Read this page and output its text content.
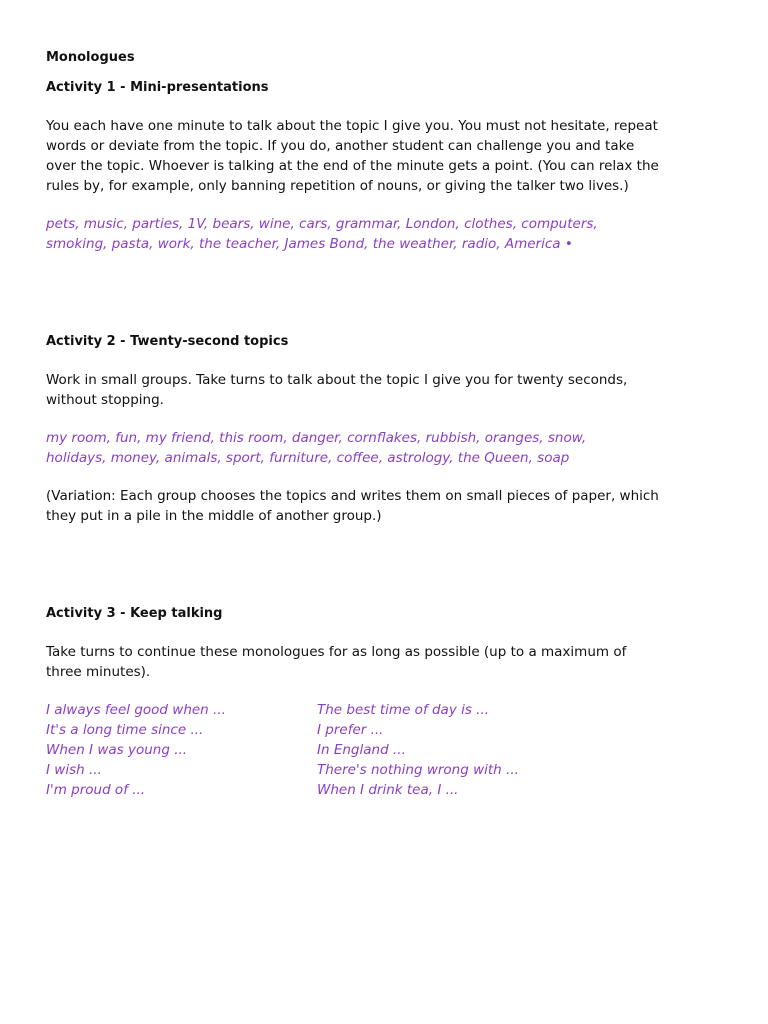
Monologues
Activity 1 - Mini-presentations
You each have one minute to talk about the topic I give you. You must not hesitate, repeat
words or deviate from the topic. If you do, another student can challenge you and take
over the topic. Whoever is talking at the end of the minute gets a point. (You can relax the
rules by, for example, only banning repetition of nouns, or giving the talker two lives.)
pets, music, parties, 1V, bears, wine, cars, grammar, London, clothes, computers,
smoking, pasta, work, the teacher, James Bond, the weather, radio, America •
Activity 2 - Twenty-second topics
Work in small groups. Take turns to talk about the topic I give you for twenty seconds,
without stopping.
my room, fun, my friend, this room, danger, cornflakes, rubbish, oranges, snow,
holidays, money, animals, sport, furniture, coffee, astrology, the Queen, soap
(Variation: Each group chooses the topics and writes them on small pieces of paper, which
they put in a pile in the middle of another group.)
Activity 3 - Keep talking
Take turns to continue these monologues for as long as possible (up to a maximum of
three minutes).
I always feel good when ...
It's a long time since ...
When I was young ...
I wish ...
I'm proud of ...
The best time of day is ...
I prefer ...
In England ...
There's nothing wrong with ...
When I drink tea, I ...
